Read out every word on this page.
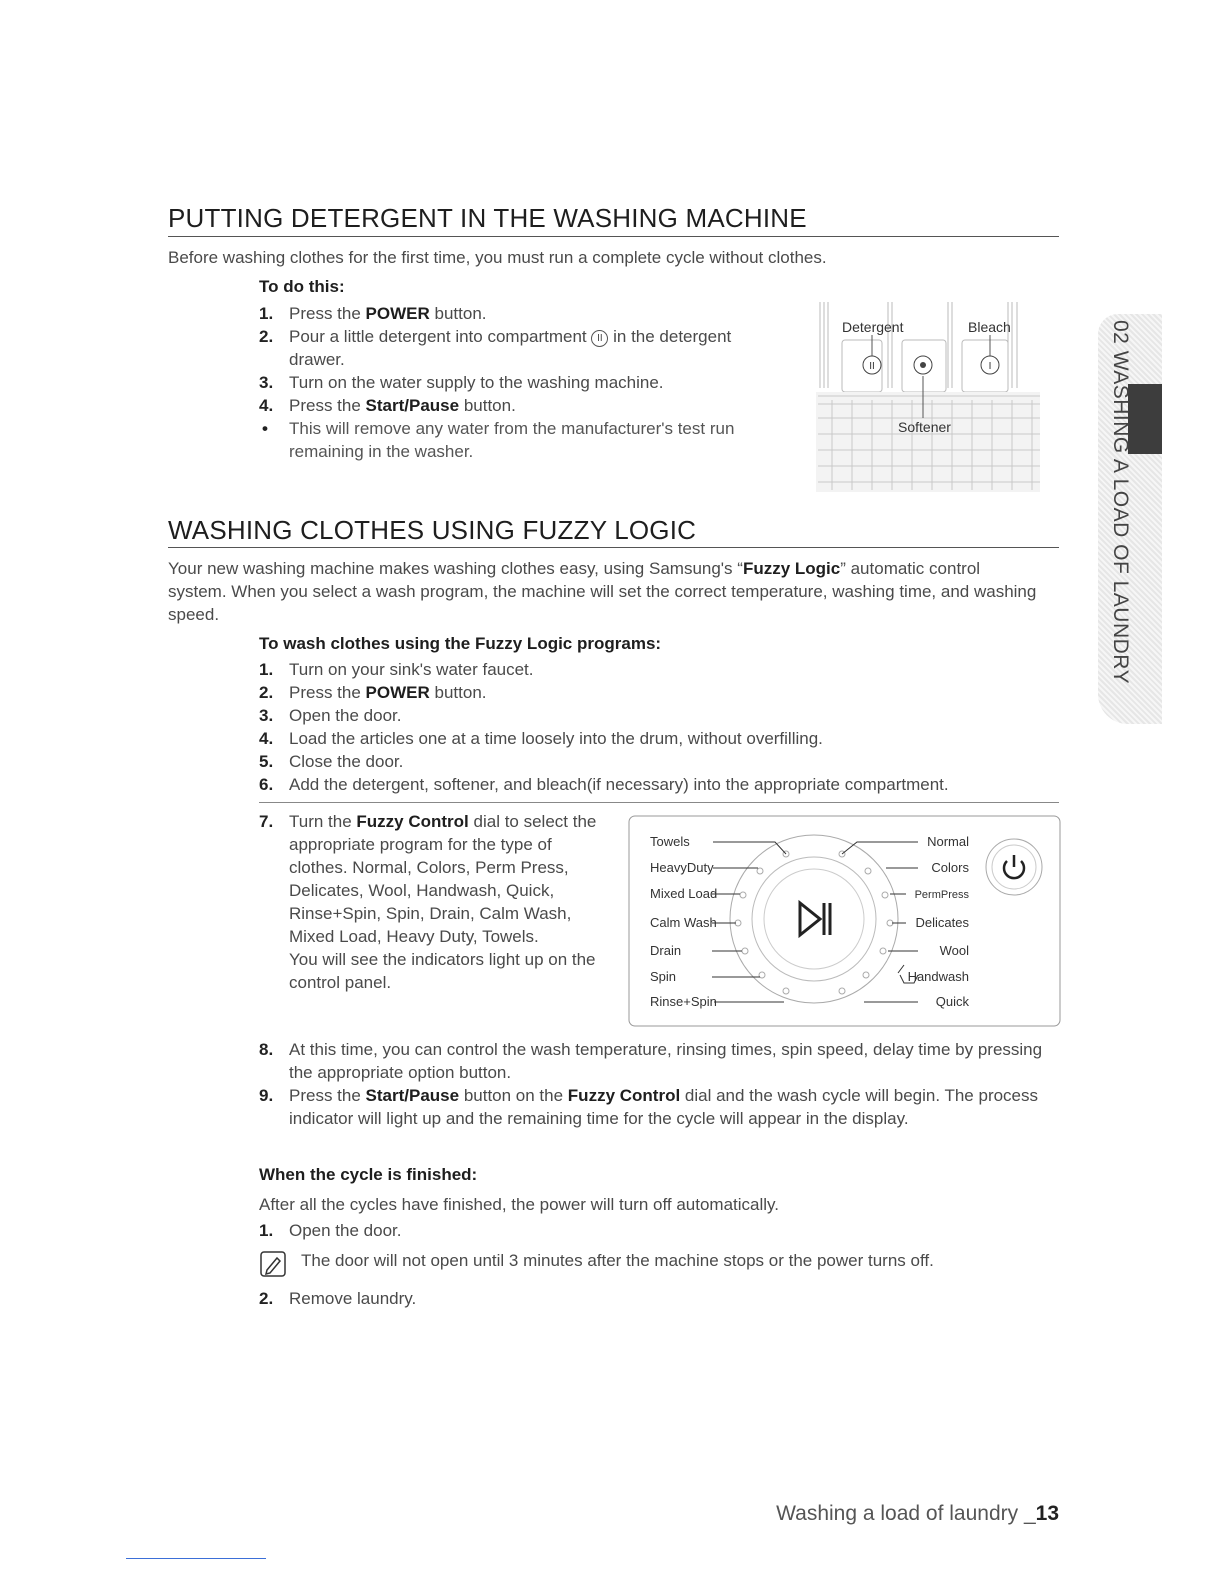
PUTTING DETERGENT IN THE WASHING MACHINE

Before washing clothes for the first time, you must run a complete cycle without clothes.

To do this:

1. Press the POWER button.
2. Pour a little detergent into compartment II in the detergent drawer.
3. Turn on the water supply to the washing machine.
4. Press the Start/Pause button.
• This will remove any water from the manufacturer's test run remaining in the washer.
Detergent	Bleach
Softener
II	I
WASHING CLOTHES USING FUZZY LOGIC

Your new washing machine makes washing clothes easy, using Samsung's “Fuzzy Logic” automatic control system. When you select a wash program, the machine will set the correct temperature, washing time, and washing speed.

To wash clothes using the Fuzzy Logic programs:

1. Turn on your sink's water faucet.
2. Press the POWER button.
3. Open the door.
4. Load the articles one at a time loosely into the drum, without overfilling.
5. Close the door.
6. Add the detergent, softener, and bleach(if necessary) into the appropriate compartment.
7. Turn the Fuzzy Control dial to select the appropriate program for the type of clothes. Normal, Colors, Perm Press, Delicates, Wool, Handwash, Quick, Rinse+Spin, Spin, Drain, Calm Wash, Mixed Load, Heavy Duty, Towels.
You will see the indicators light up on the control panel.
Towels
HeavyDuty
Mixed Load
Calm Wash
Drain
Spin
Rinse+Spin
Normal
Colors
PermPress
Delicates
Wool
Handwash
Quick
8. At this time, you can control the wash temperature, rinsing times, spin speed, delay time by pressing the appropriate option button.
9. Press the Start/Pause button on the Fuzzy Control dial and the wash cycle will begin. The process indicator will light up and the remaining time for the cycle will appear in the display.

When the cycle is finished:

After all the cycles have finished, the power will turn off automatically.

1. Open the door.

The door will not open until 3 minutes after the machine stops or the power turns off.

2. Remove laundry.
02 WASHING A LOAD OF LAUNDRY
Washing a load of laundry _13
